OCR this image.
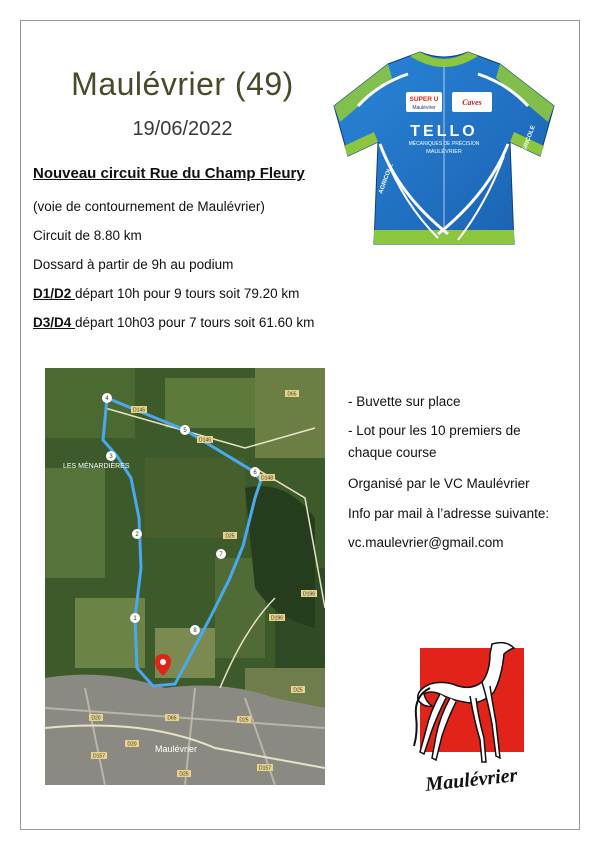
Maulévrier (49)
19/06/2022
Nouveau circuit Rue du Champ Fleury
(voie de contournement de Maulévrier)
Circuit de 8.80 km
Dossard à partir de 9h au podium
D1/D2 départ 10h pour 9 tours soit 79.20 km
D3/D4 départ 10h03 pour 7 tours soit 61.60 km
SUPER U
Maulévrier
Caves
TELLO
MÉCANIQUES DE PRÉCISION
MAULÉVRIER	AGRICOLE
AGRICOLE
1
2
3
4
5
6
7
8
LES MÉNARDIÈRES
Maulévrier
D65
D146
D146
D148
D25
D196
D196
D25
D20	D65	D25
D157
D20
D157
D25
- Buvette sur place
- Lot pour les 10 premiers de
chaque course
Organisé par le VC Maulévrier
Info par mail à l’adresse suivante:
vc.maulevrier@gmail.com
Maulévrier
